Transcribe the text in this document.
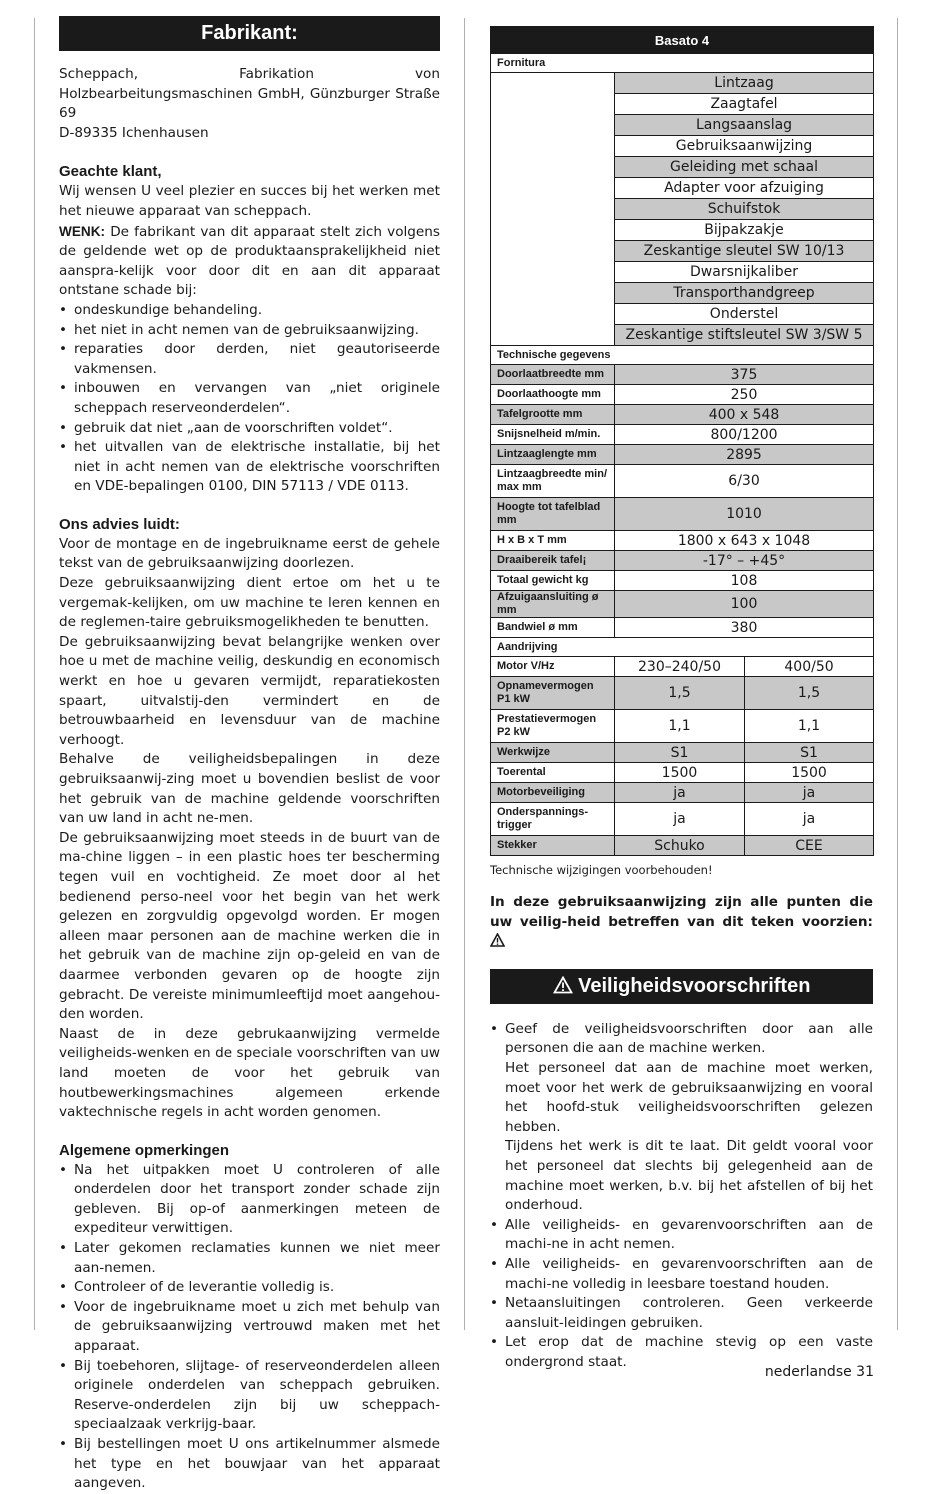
Fabrikant:

Scheppach, Fabrikation von Holzbearbeitungsmaschinen GmbH, Günzburger Straße 69
D-89335 Ichenhausen

Geachte klant,

Wij wensen U veel plezier en succes bij het werken met het nieuwe apparaat van scheppach.

WENK: De fabrikant van dit apparaat stelt zich volgens de geldende wet op de produktaansprakelijkheid niet aanspra-kelijk voor door dit en aan dit apparaat ontstane schade bij:

• ondeskundige behandeling.
• het niet in acht nemen van de gebruiksaanwijzing.
• reparaties door derden, niet geautoriseerde vakmensen.
• inbouwen en vervangen van „niet originele scheppach reserveonderdelen“.
• gebruik dat niet „aan de voorschriften voldet“.
• het uitvallen van de elektrische installatie, bij het niet in acht nemen van de elektrische voorschriften en VDE-bepalingen 0100, DIN 57113 / VDE 0113.

Ons advies luidt:

Voor de montage en de ingebruikname eerst de gehele tekst van de gebruiksaanwijzing doorlezen.

Deze gebruiksaanwijzing dient ertoe om het u te vergemak-kelijken, om uw machine te leren kennen en de reglemen-taire gebruiksmogelikheden te benutten.

De gebruiksaanwijzing bevat belangrijke wenken over hoe u met de machine veilig, deskundig en economisch werkt en hoe u gevaren vermijdt, reparatiekosten spaart, uitvalstij-den vermindert en de betrouwbaarheid en levensduur van de machine verhoogt.

Behalve de veiligheidsbepalingen in deze gebruiksaanwij-zing moet u bovendien beslist de voor het gebruik van de machine geldende voorschriften van uw land in acht ne-men.

De gebruiksaanwijzing moet steeds in de buurt van de ma-chine liggen – in een plastic hoes ter bescherming tegen vuil en vochtigheid. Ze moet door al het bedienend perso-neel voor het begin van het werk gelezen en zorgvuldig opgevolgd worden. Er mogen alleen maar personen aan de machine werken die in het gebruik van de machine zijn op-geleid en van de daarmee verbonden gevaren op de hoogte zijn gebracht. De vereiste minimumleeftijd moet aangehou-den worden.

Naast de in deze gebrukaanwijzing vermelde veiligheids-wenken en de speciale voorschriften van uw land moeten de voor het gebruik van houtbewerkingsmachines algemeen erkende vaktechnische regels in acht worden genomen.

Algemene opmerkingen

• Na het uitpakken moet U controleren of alle onderdelen door het transport zonder schade zijn gebleven. Bij op-of aanmerkingen meteen de expediteur verwittigen.
• Later gekomen reclamaties kunnen we niet meer aan-nemen.
• Controleer of de leverantie volledig is.
• Voor de ingebruikname moet u zich met behulp van de gebruiksaanwijzing vertrouwd maken met het apparaat.
• Bij toebehoren, slijtage- of reserveonderdelen alleen originele onderdelen van scheppach gebruiken. Reserve-onderdelen zijn bij uw scheppach-speciaalzaak verkrijg-baar.
• Bij bestellingen moet U ons artikelnummer alsmede het type en het bouwjaar van het apparaat aangeven.
Basato 4		
Fornitura		
	Lintzaag	
	Zaagtafel	
	Langsaanslag	
	Gebruiksaanwijzing	
	Geleiding met schaal	
	Adapter voor afzuiging	
	Schuifstok	
	Bijpakzakje	
	Zeskantige sleutel SW 10/13	
	Dwarsnijkaliber	
	Transporthandgreep	
	Onderstel	
	Zeskantige stiftsleutel SW 3/SW 5	
Technische gegevens		
Doorlaatbreedte mm	375	
Doorlaathoogte mm	250	
Tafelgrootte mm	400 x 548	
Snijsnelheid m/min.	800/1200	
Lintzaaglengte mm	2895	
Lintzaagbreedte min/ max mm	6/30	
Hoogte tot tafelblad mm	1010	
H x B x T mm	1800 x 643 x 1048	
Draaibereik tafel¡	-17° – +45°	
Totaal gewicht kg	108	
Afzuigaansluiting ø mm	100	
Bandwiel ø mm	380	
Aandrijving		
Motor V/Hz	230–240/50	400/50
Opnamevermogen P1 kW	1,5	1,5
Prestatievermogen P2 kW	1,1	1,1
Werkwijze	S1	S1
Toerental	1500	1500
Motorbeveiliging	ja	ja
Onderspannings-trigger	ja	ja
Stekker	Schuko	CEE
Technische wijzigingen voorbehouden!
In deze gebruiksaanwijzing zijn alle punten die uw veilig-heid betreffen van dit teken voorzien:
Veiligheidsvoorschriften
• Geef de veiligheidsvoorschriften door aan alle personen die aan de machine werken.

Het personeel dat aan de machine moet werken, moet voor het werk de gebruiksaanwijzing en vooral het hoofd-stuk veiligheidsvoorschriften gelezen hebben.

Tijdens het werk is dit te laat. Dit geldt vooral voor het personeel dat slechts bij gelegenheid aan de machine moet werken, b.v. bij het afstellen of bij het onderhoud.

• Alle veiligheids- en gevarenvoorschriften aan de machi-ne in acht nemen.
• Alle veiligheids- en gevarenvoorschriften aan de machi-ne volledig in leesbare toestand houden.
• Netaansluitingen controleren. Geen verkeerde aansluit-leidingen gebruiken.
• Let erop dat de machine stevig op een vaste ondergrond staat.
nederlandse 31
